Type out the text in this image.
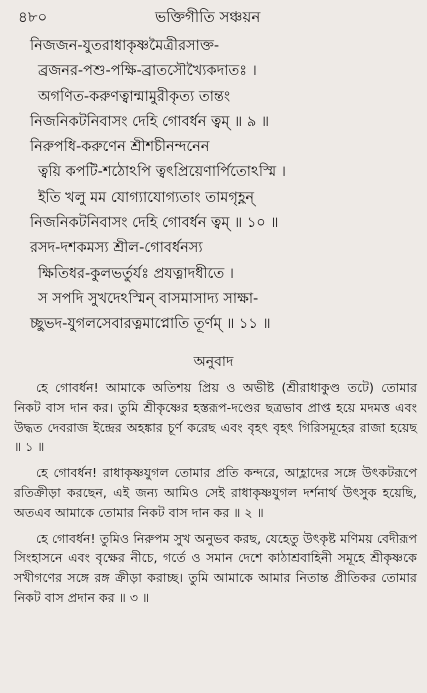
৪৮০	ভক্তিগীতি সঞ্চয়ন
নিজজন-যুতরাধাকৃষ্ণমৈত্রীরসাক্ত-
ব্রজনর-পশু-পক্ষি-ব্রাতসৌখ্যৈকদাতঃ ।
অগণিত-করুণত্বান্মামুরীকৃত্য তান্তং
নিজনিকটনিবাসং দেহি গোবর্ধন ত্বম্ ॥ ৯ ॥
নিরুপধি-করুণেন শ্রীশচীনন্দনেন
ত্বয়ি কপটি-শঠোঽপি ত্বৎপ্রিয়েণার্পিতোঽস্মি ।
ইতি খলু মম যোগ্যাযোগ্যতাং তামগৃহ্ণন্
নিজনিকটনিবাসং দেহি গোবর্ধন ত্বম্ ॥ ১০ ॥
রসদ-দশকমস্য শ্রীল-গোবর্ধনস্য
ক্ষিতিধর-কুলভর্তুর্যঃ প্রযত্নাদধীতে ।
স সপদি সুখদেঽস্মিন্ বাসমাসাদ্য সাক্ষা-
চ্ছুভদ-যুগলসেবারত্নমাপ্নোতি তূর্ণম্ ॥ ১১ ॥
অনুবাদ

হে গোবর্ধন! আমাকে অতিশয় প্রিয় ও অভীষ্ট (শ্রীরাধাকুণ্ড তটে) তোমার নিকট বাস দান কর। তুমি শ্রীকৃষ্ণের হস্তরূপ-দণ্ডের ছত্রভাব প্রাপ্ত হয়ে মদমত্ত এবং উদ্ধত দেবরাজ ইন্দ্রের অহঙ্কার চূর্ণ করেছ এবং বৃহৎ বৃহৎ গিরিসমূহের রাজা হয়েছ ॥ ১ ॥

হে গোবর্ধন! রাধাকৃষ্ণযুগল তোমার প্রতি কন্দরে, আহ্লাদের সঙ্গে উৎকটরূপে রতিক্রীড়া করছেন, এই জন্য আমিও সেই রাধাকৃষ্ণযুগল দর্শনার্থ উৎসুক হয়েছি, অতএব আমাকে তোমার নিকট বাস দান কর ॥ ২ ॥

হে গোবর্ধন! তুমিও নিরুপম সুখ অনুভব করছ, যেহেতু উৎকৃষ্ট মণিময় বেদীরূপ সিংহাসনে এবং বৃক্ষের নীচে, গর্তে ও সমান দেশে কাঠাশ্রবাহিনী সমূহে শ্রীকৃষ্ণকে সখীগণের সঙ্গে রঙ্গ ক্রীড়া করাচ্ছ। তুমি আমাকে আমার নিতান্ত প্রীতিকর তোমার নিকট বাস প্রদান কর ॥ ৩ ॥
